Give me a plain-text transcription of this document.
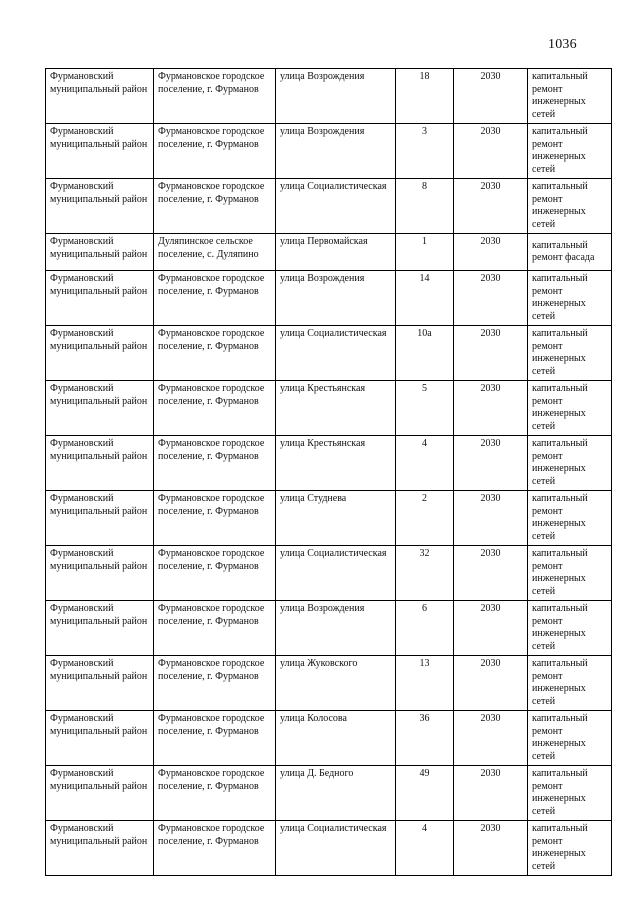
1036
Фурмановский муниципальный район	Фурмановское городское поселение, г. Фурманов	улица Возрождения	18	2030	капитальный ремонт инженерных сетей
Фурмановский муниципальный район	Фурмановское городское поселение, г. Фурманов	улица Возрождения	3	2030	капитальный ремонт инженерных сетей
Фурмановский муниципальный район	Фурмановское городское поселение, г. Фурманов	улица Социалистическая	8	2030	капитальный ремонт инженерных сетей
Фурмановский муниципальный район	Дуляпинское сельское поселение, с. Дуляпино	улица Первомайская	1	2030	капитальный ремонт фасада
Фурмановский муниципальный район	Фурмановское городское поселение, г. Фурманов	улица Возрождения	14	2030	капитальный ремонт инженерных сетей
Фурмановский муниципальный район	Фурмановское городское поселение, г. Фурманов	улица Социалистическая	10а	2030	капитальный ремонт инженерных сетей
Фурмановский муниципальный район	Фурмановское городское поселение, г. Фурманов	улица Крестьянская	5	2030	капитальный ремонт инженерных сетей
Фурмановский муниципальный район	Фурмановское городское поселение, г. Фурманов	улица Крестьянская	4	2030	капитальный ремонт инженерных сетей
Фурмановский муниципальный район	Фурмановское городское поселение, г. Фурманов	улица Студнева	2	2030	капитальный ремонт инженерных сетей
Фурмановский муниципальный район	Фурмановское городское поселение, г. Фурманов	улица Социалистическая	32	2030	капитальный ремонт инженерных сетей
Фурмановский муниципальный район	Фурмановское городское поселение, г. Фурманов	улица Возрождения	6	2030	капитальный ремонт инженерных сетей
Фурмановский муниципальный район	Фурмановское городское поселение, г. Фурманов	улица Жуковского	13	2030	капитальный ремонт инженерных сетей
Фурмановский муниципальный район	Фурмановское городское поселение, г. Фурманов	улица Колосова	36	2030	капитальный ремонт инженерных сетей
Фурмановский муниципальный район	Фурмановское городское поселение, г. Фурманов	улица Д. Бедного	49	2030	капитальный ремонт инженерных сетей
Фурмановский муниципальный район	Фурмановское городское поселение, г. Фурманов	улица Социалистическая	4	2030	капитальный ремонт инженерных сетей
